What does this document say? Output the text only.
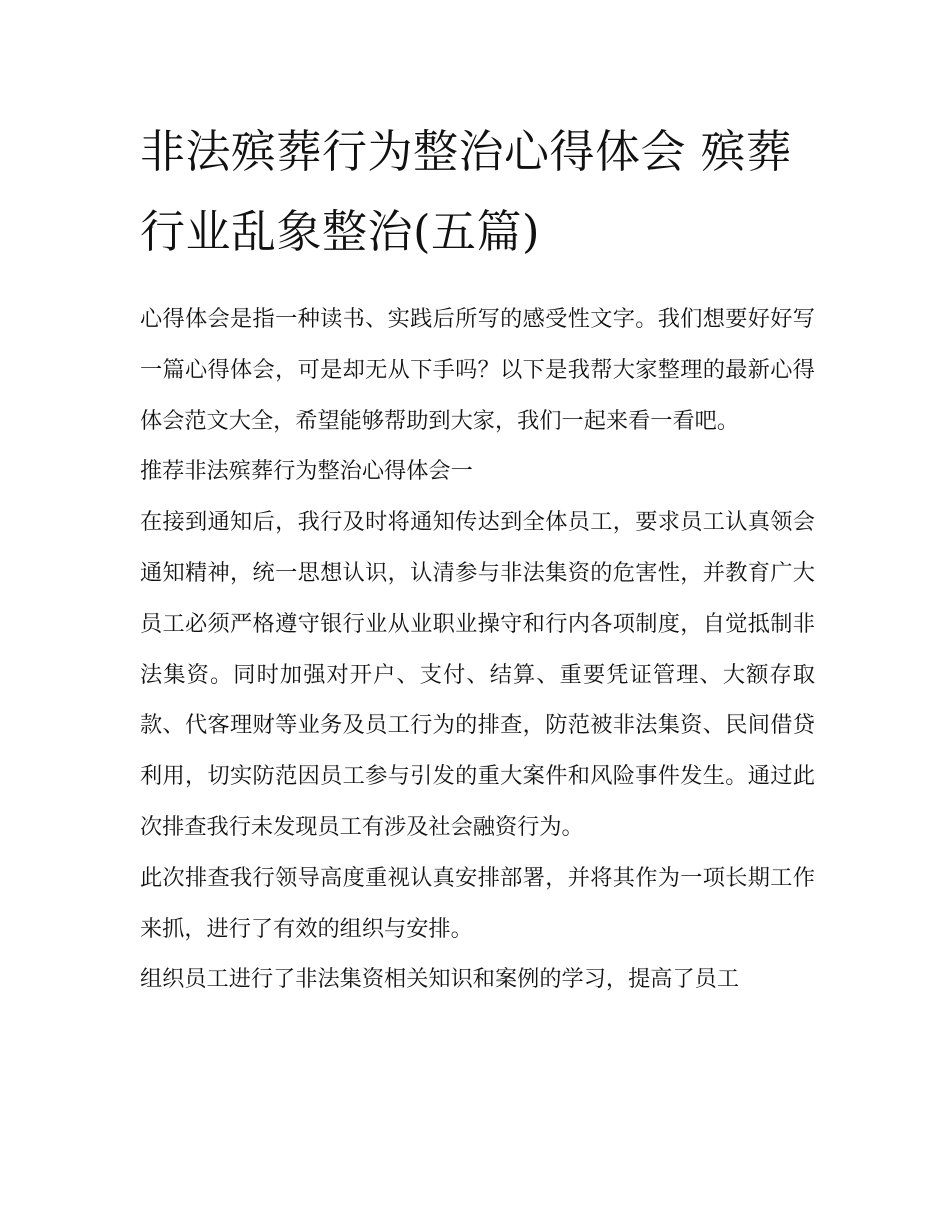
非法殡葬行为整治心得体会 殡葬行业乱象整治(五篇)

心得体会是指一种读书、实践后所写的感受性文字。我们想要好好写一篇心得体会，可是却无从下手吗？以下是我帮大家整理的最新心得体会范文大全，希望能够帮助到大家，我们一起来看一看吧。

推荐非法殡葬行为整治心得体会一

在接到通知后，我行及时将通知传达到全体员工，要求员工认真领会通知精神，统一思想认识，认清参与非法集资的危害性，并教育广大员工必须严格遵守银行业从业职业操守和行内各项制度，自觉抵制非法集资。同时加强对开户、支付、结算、重要凭证管理、大额存取款、代客理财等业务及员工行为的排查，防范被非法集资、民间借贷利用，切实防范因员工参与引发的重大案件和风险事件发生。通过此次排查我行未发现员工有涉及社会融资行为。

此次排查我行领导高度重视认真安排部署，并将其作为一项长期工作来抓，进行了有效的组织与安排。

组织员工进行了非法集资相关知识和案例的学习，提高了员工
